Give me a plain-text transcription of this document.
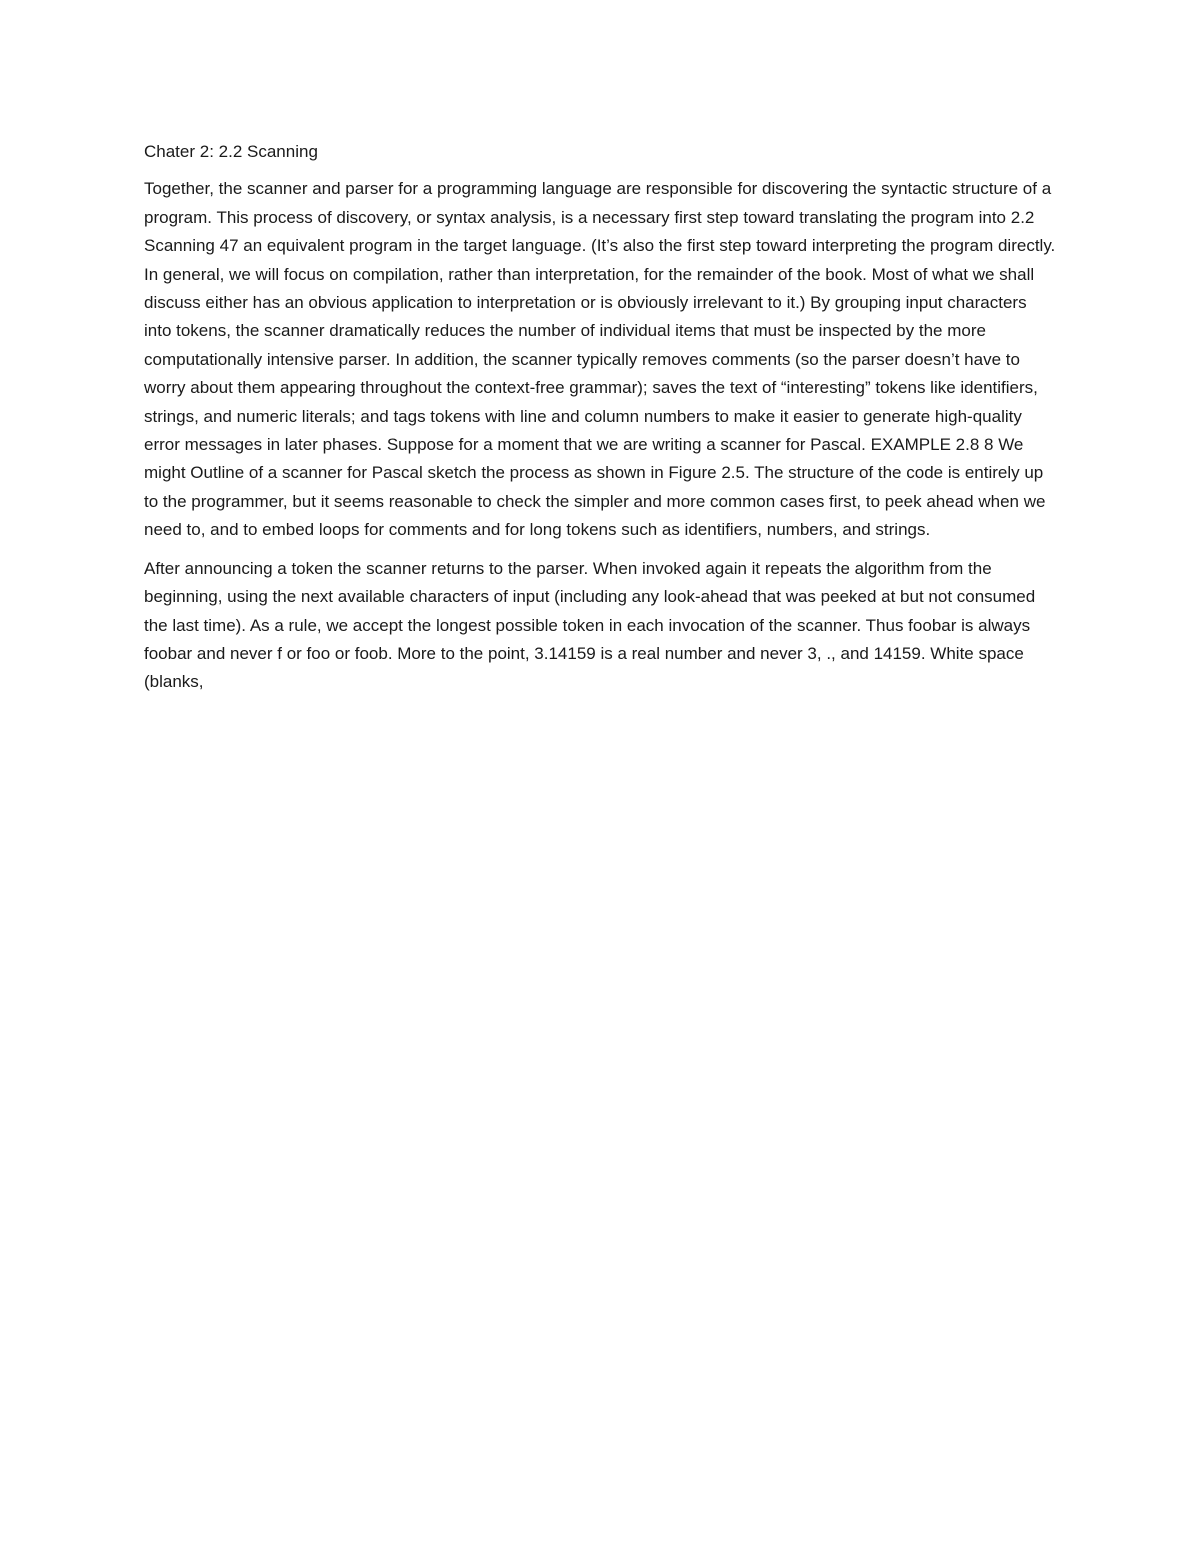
Chater 2: 2.2 Scanning

Together, the scanner and parser for a programming language are responsible for discovering the syntactic structure of a program. This process of discovery, or syntax analysis, is a necessary first step toward translating the program into 2.2 Scanning 47 an equivalent program in the target language. (It’s also the first step toward interpreting the program directly. In general, we will focus on compilation, rather than interpretation, for the remainder of the book. Most of what we shall discuss either has an obvious application to interpretation or is obviously irrelevant to it.) By grouping input characters into tokens, the scanner dramatically reduces the number of individual items that must be inspected by the more computationally intensive parser. In addition, the scanner typically removes comments (so the parser doesn’t have to worry about them appearing throughout the context-free grammar); saves the text of “interesting” tokens like identifiers, strings, and numeric literals; and tags tokens with line and column numbers to make it easier to generate high-quality error messages in later phases. Suppose for a moment that we are writing a scanner for Pascal. EXAMPLE 2.8 8 We might Outline of a scanner for Pascal sketch the process as shown in Figure 2.5. The structure of the code is entirely up to the programmer, but it seems reasonable to check the simpler and more common cases first, to peek ahead when we need to, and to embed loops for comments and for long tokens such as identifiers, numbers, and strings.

After announcing a token the scanner returns to the parser. When invoked again it repeats the algorithm from the beginning, using the next available characters of input (including any look-ahead that was peeked at but not consumed the last time). As a rule, we accept the longest possible token in each invocation of the scanner. Thus foobar is always foobar and never f or foo or foob. More to the point, 3.14159 is a real number and never 3, ., and 14159. White space (blanks,
